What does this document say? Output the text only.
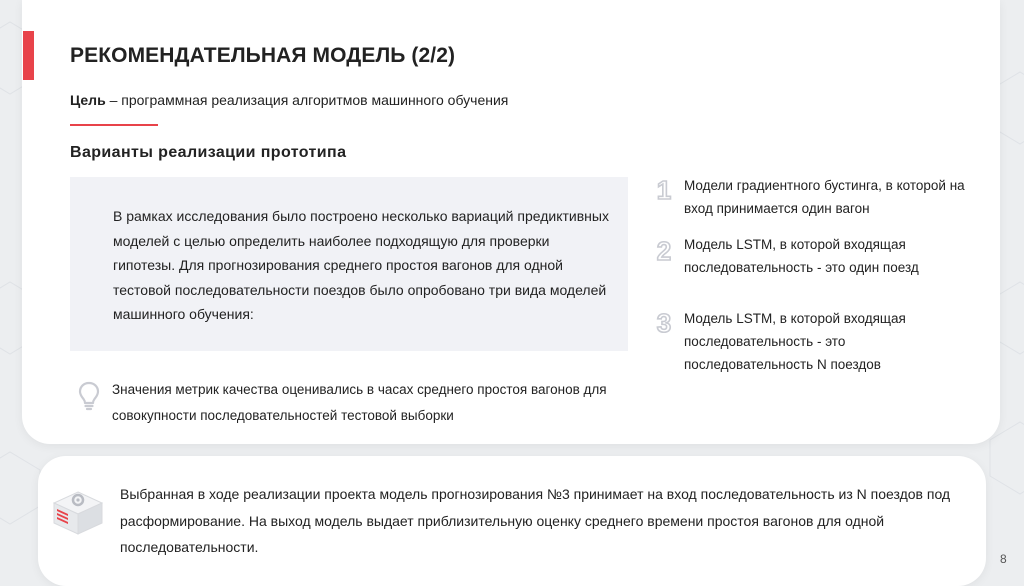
РЕКОМЕНДАТЕЛЬНАЯ МОДЕЛЬ (2/2)
Цель – программная реализация алгоритмов машинного обучения
Варианты реализации прототипа

В рамках исследования было построено несколько вариаций предиктивных моделей с целью определить наиболее подходящую для проверки гипотезы. Для прогнозирования среднего простоя вагонов для одной тестовой последовательности поездов было опробовано три вида моделей машинного обучения:

Значения метрик качества оценивались в часах среднего простоя вагонов для совокупности последовательностей тестовой выборки

1 Модели градиентного бустинга, в которой на вход принимается один вагон

2 Модель LSTM, в которой входящая последовательность - это один поезд

3 Модель LSTM, в которой входящая последовательность - это последовательность N поездов

Выбранная в ходе реализации проекта модель прогнозирования №3 принимает на вход последовательность из N поездов под расформирование. На выход модель выдает приблизительную оценку среднего времени простоя вагонов для одной последовательности.

8
